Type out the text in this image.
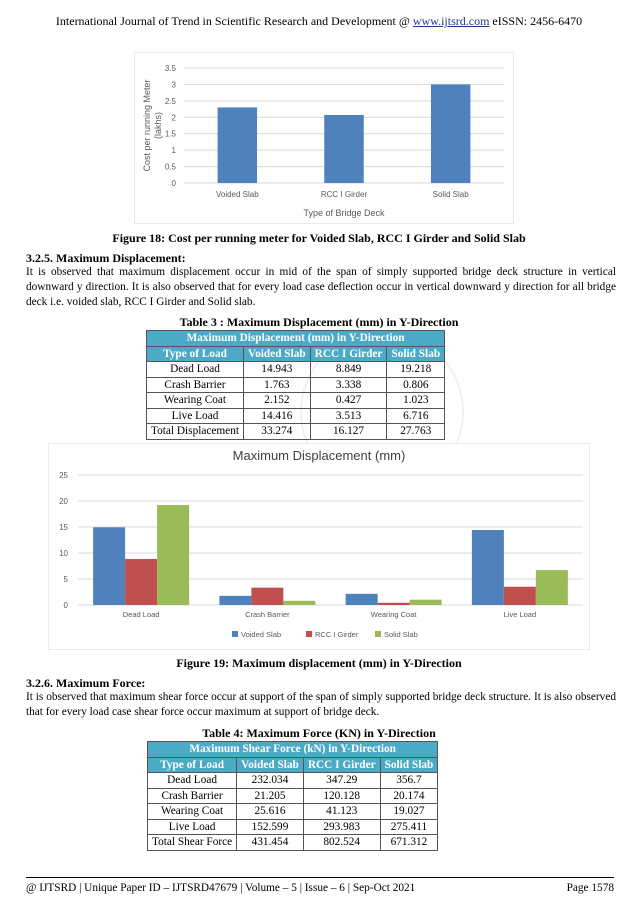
International Journal of Trend in Scientific Research and Development @ www.ijtsrd.com eISSN: 2456-6470
0
0.5
1
1.5
2
2.5
3
3.5
Voided Slab	RCC I Girder	Solid Slab
Type of Bridge Deck
Cost per running Meter(lakhs)
Figure 18: Cost per running meter for Voided Slab, RCC I Girder and Solid Slab
3.2.5. Maximum Displacement:
It is observed that maximum displacement occur in mid of the span of simply supported bridge deck structure in vertical downward y direction. It is also observed that for every load case deflection occur in vertical downward y direction for all bridge deck i.e. voided slab, RCC I Girder and Solid slab.
Table 3 : Maximum Displacement (mm) in Y-Direction
Maximum Displacement (mm) in Y-Direction			
Type of Load	Voided Slab	RCC I Girder	Solid Slab
Dead Load	14.943	8.849	19.218
Crash Barrier	1.763	3.338	0.806
Wearing Coat	2.152	0.427	1.023
Live Load	14.416	3.513	6.716
Total Displacement	33.274	16.127	27.763
Maximum Displacement (mm)
0
5
10
15
20
25
Dead Load	Crash Barrier	Wearing Coat	Live Load
Voided Slab	RCC I Girder	Solid Slab
Figure 19: Maximum displacement (mm) in Y-Direction
3.2.6. Maximum Force:
It is observed that maximum shear force occur at support of the span of simply supported bridge deck structure. It is also observed that for every load case shear force occur maximum at support of bridge deck.
Table 4: Maximum Force (KN) in Y-Direction
Maximum Shear Force (kN) in Y-Direction			
Type of Load	Voided Slab	RCC I Girder	Solid Slab
Dead Load	232.034	347.29	356.7
Crash Barrier	21.205	120.128	20.174
Wearing Coat	25.616	41.123	19.027
Live Load	152.599	293.983	275.411
Total Shear Force	431.454	802.524	671.312
@ IJTSRD | Unique Paper ID – IJTSRD47679 | Volume – 5 | Issue – 6 | Sep-Oct 2021	Page 1578
